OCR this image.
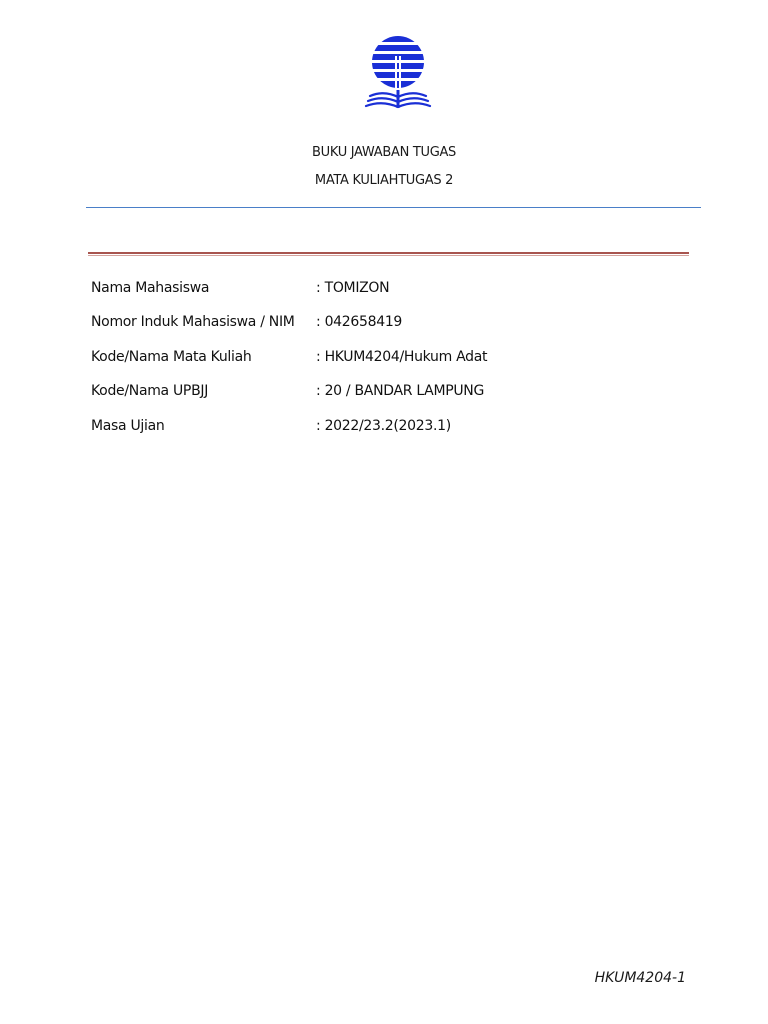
BUKU JAWABAN TUGAS
MATA KULIAHTUGAS 2
Nama Mahasiswa	: TOMIZON
Nomor Induk Mahasiswa / NIM : 042658419
Kode/Nama Mata Kuliah	: HKUM4204/Hukum Adat
Kode/Nama UPBJJ	: 20 / BANDAR LAMPUNG
Masa Ujian	: 2022/23.2(2023.1)
HKUM4204-1
